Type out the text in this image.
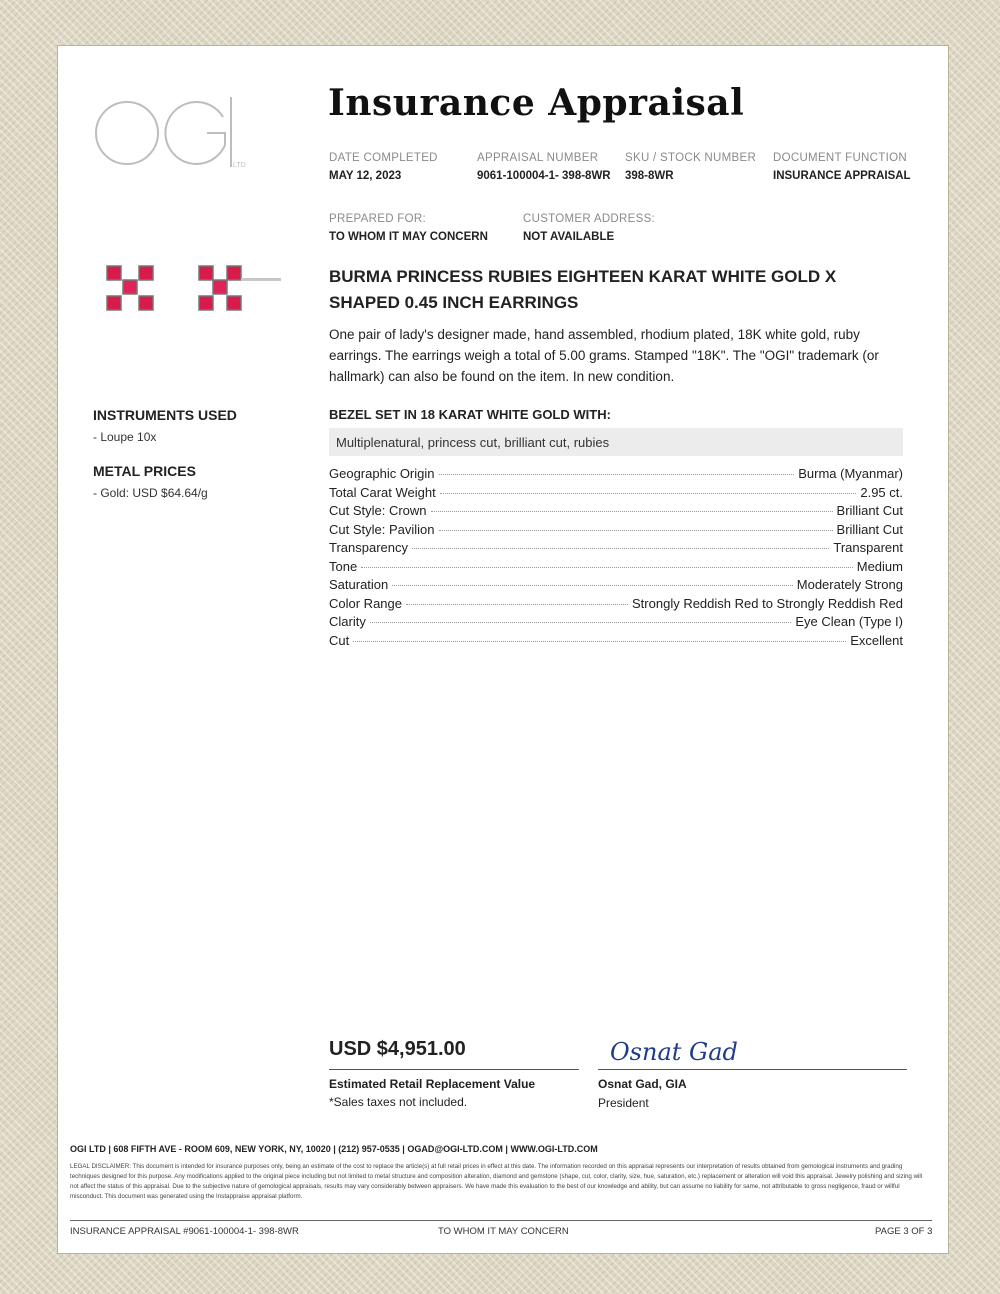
LTD
Insurance Appraisal
DATE COMPLETED
MAY 12, 2023
APPRAISAL NUMBER
9061-100004-1- 398-8WR
SKU / STOCK NUMBER
398-8WR
DOCUMENT FUNCTION
INSURANCE APPRAISAL
PREPARED FOR:
TO WHOM IT MAY CONCERN
CUSTOMER ADDRESS:
NOT AVAILABLE
INSTRUMENTS USED
- Loupe 10x
METAL PRICES
- Gold: USD $64.64/g
BURMA PRINCESS RUBIES EIGHTEEN KARAT WHITE GOLD X SHAPED 0.45 INCH EARRINGS
One pair of lady's designer made, hand assembled, rhodium plated, 18K white gold, ruby earrings. The earrings weigh a total of 5.00 grams. Stamped "18K". The "OGI" trademark (or hallmark) can also be found on the item. In new condition.
BEZEL SET IN 18 KARAT WHITE GOLD WITH:
Multiplenatural, princess cut, brilliant cut, rubies
Geographic Origin	Burma (Myanmar)
Total Carat Weight	2.95 ct.
Cut Style: Crown	Brilliant Cut
Cut Style: Pavilion	Brilliant Cut
Transparency	Transparent
Tone	Medium
Saturation	Moderately Strong
Color Range	Strongly Reddish Red to Strongly Reddish Red
Clarity	Eye Clean (Type I)
Cut	Excellent
USD $4,951.00
Estimated Retail Replacement Value
*Sales taxes not included.
Osnat Gad
Osnat Gad, GIA
President
OGI LTD | 608 FIFTH AVE - ROOM 609, NEW YORK, NY, 10020 | (212) 957-0535 | OGAD@OGI-LTD.COM | WWW.OGI-LTD.COM
LEGAL DISCLAIMER: This document is intended for insurance purposes only, being an estimate of the cost to replace the article(s) at full retail prices in effect at this date. The information recorded on this appraisal represents our interpretation of results obtained from gemological instruments and grading techniques designed for this purpose. Any modifications applied to the original piece including but not limited to metal structure and composition alteration, diamond and gemstone (shape, cut, color, clarity, size, hue, saturation, etc.) replacement or alteration will void this appraisal. Jewelry polishing and sizing will not affect the status of this appraisal. Due to the subjective nature of gemological appraisals, results may vary considerably between appraisers. We have made this evaluation to the best of our knowledge and ability, but can assume no liability for same, not attributable to gross negligence, fraud or willful misconduct. This document was generated using the Instappraise appraisal platform.
INSURANCE APPRAISAL #9061-100004-1- 398-8WR	TO WHOM IT MAY CONCERN	PAGE 3 OF 3
